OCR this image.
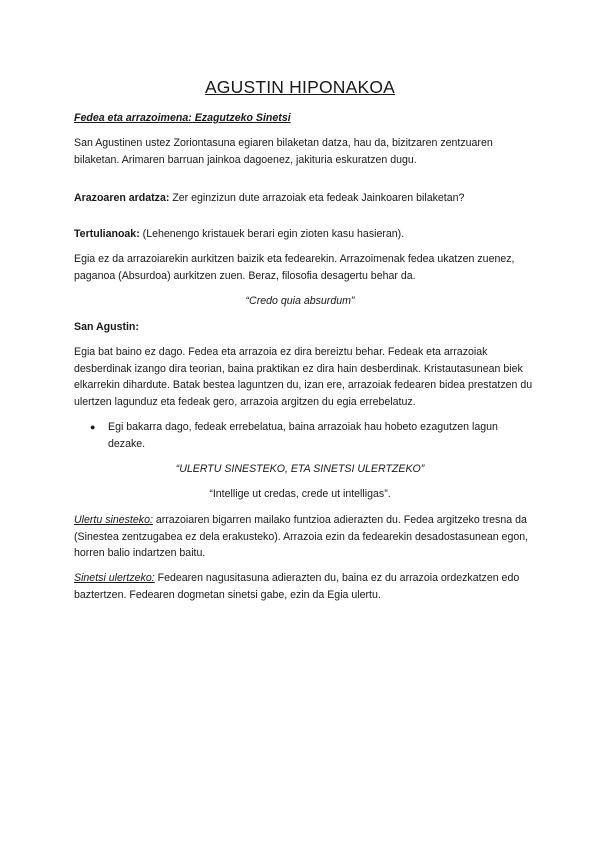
AGUSTIN HIPONAKOA

Fedea eta arrazoimena: Ezagutzeko Sinetsi

San Agustinen ustez Zoriontasuna egiaren bilaketan datza, hau da, bizitzaren zentzuaren bilaketan. Arimaren barruan jainkoa dagoenez, jakituria eskuratzen dugu.

Arazoaren ardatza: Zer eginzizun dute arrazoiak eta fedeak Jainkoaren bilaketan?

Tertulianoak: (Lehenengo kristauek berari egin zioten kasu hasieran).

Egia ez da arrazoiarekin aurkitzen baizik eta fedearekin. Arrazoimenak fedea ukatzen zuenez, paganoa (Absurdoa) aurkitzen zuen. Beraz, filosofia desagertu behar da.

“Credo quia absurdum”

San Agustin:

Egia bat baino ez dago. Fedea eta arrazoia ez dira bereiztu behar. Fedeak eta arrazoiak desberdinak izango dira teorian, baina praktikan ez dira hain desberdinak. Kristautasunean biek elkarrekin dihardute. Batak bestea laguntzen du, izan ere, arrazoiak fedearen bidea prestatzen du ulertzen lagunduz eta fedeak gero, arrazoia argitzen du egia errebelatuz.

● Egi bakarra dago, fedeak errebelatua, baina arrazoiak hau hobeto ezagutzen lagun dezake.

“ULERTU SINESTEKO, ETA SINETSI ULERTZEKO”

“Intellige ut credas, crede ut intelligas”.

Ulertu sinesteko: arrazoiaren bigarren mailako funtzioa adierazten du. Fedea argitzeko tresna da (Sinestea zentzugabea ez dela erakusteko). Arrazoia ezin da fedearekin desadostasunean egon, horren balio indartzen baitu.

Sinetsi ulertzeko: Fedearen nagusitasuna adierazten du, baina ez du arrazoia ordezkatzen edo baztertzen. Fedearen dogmetan sinetsi gabe, ezin da Egia ulertu.
